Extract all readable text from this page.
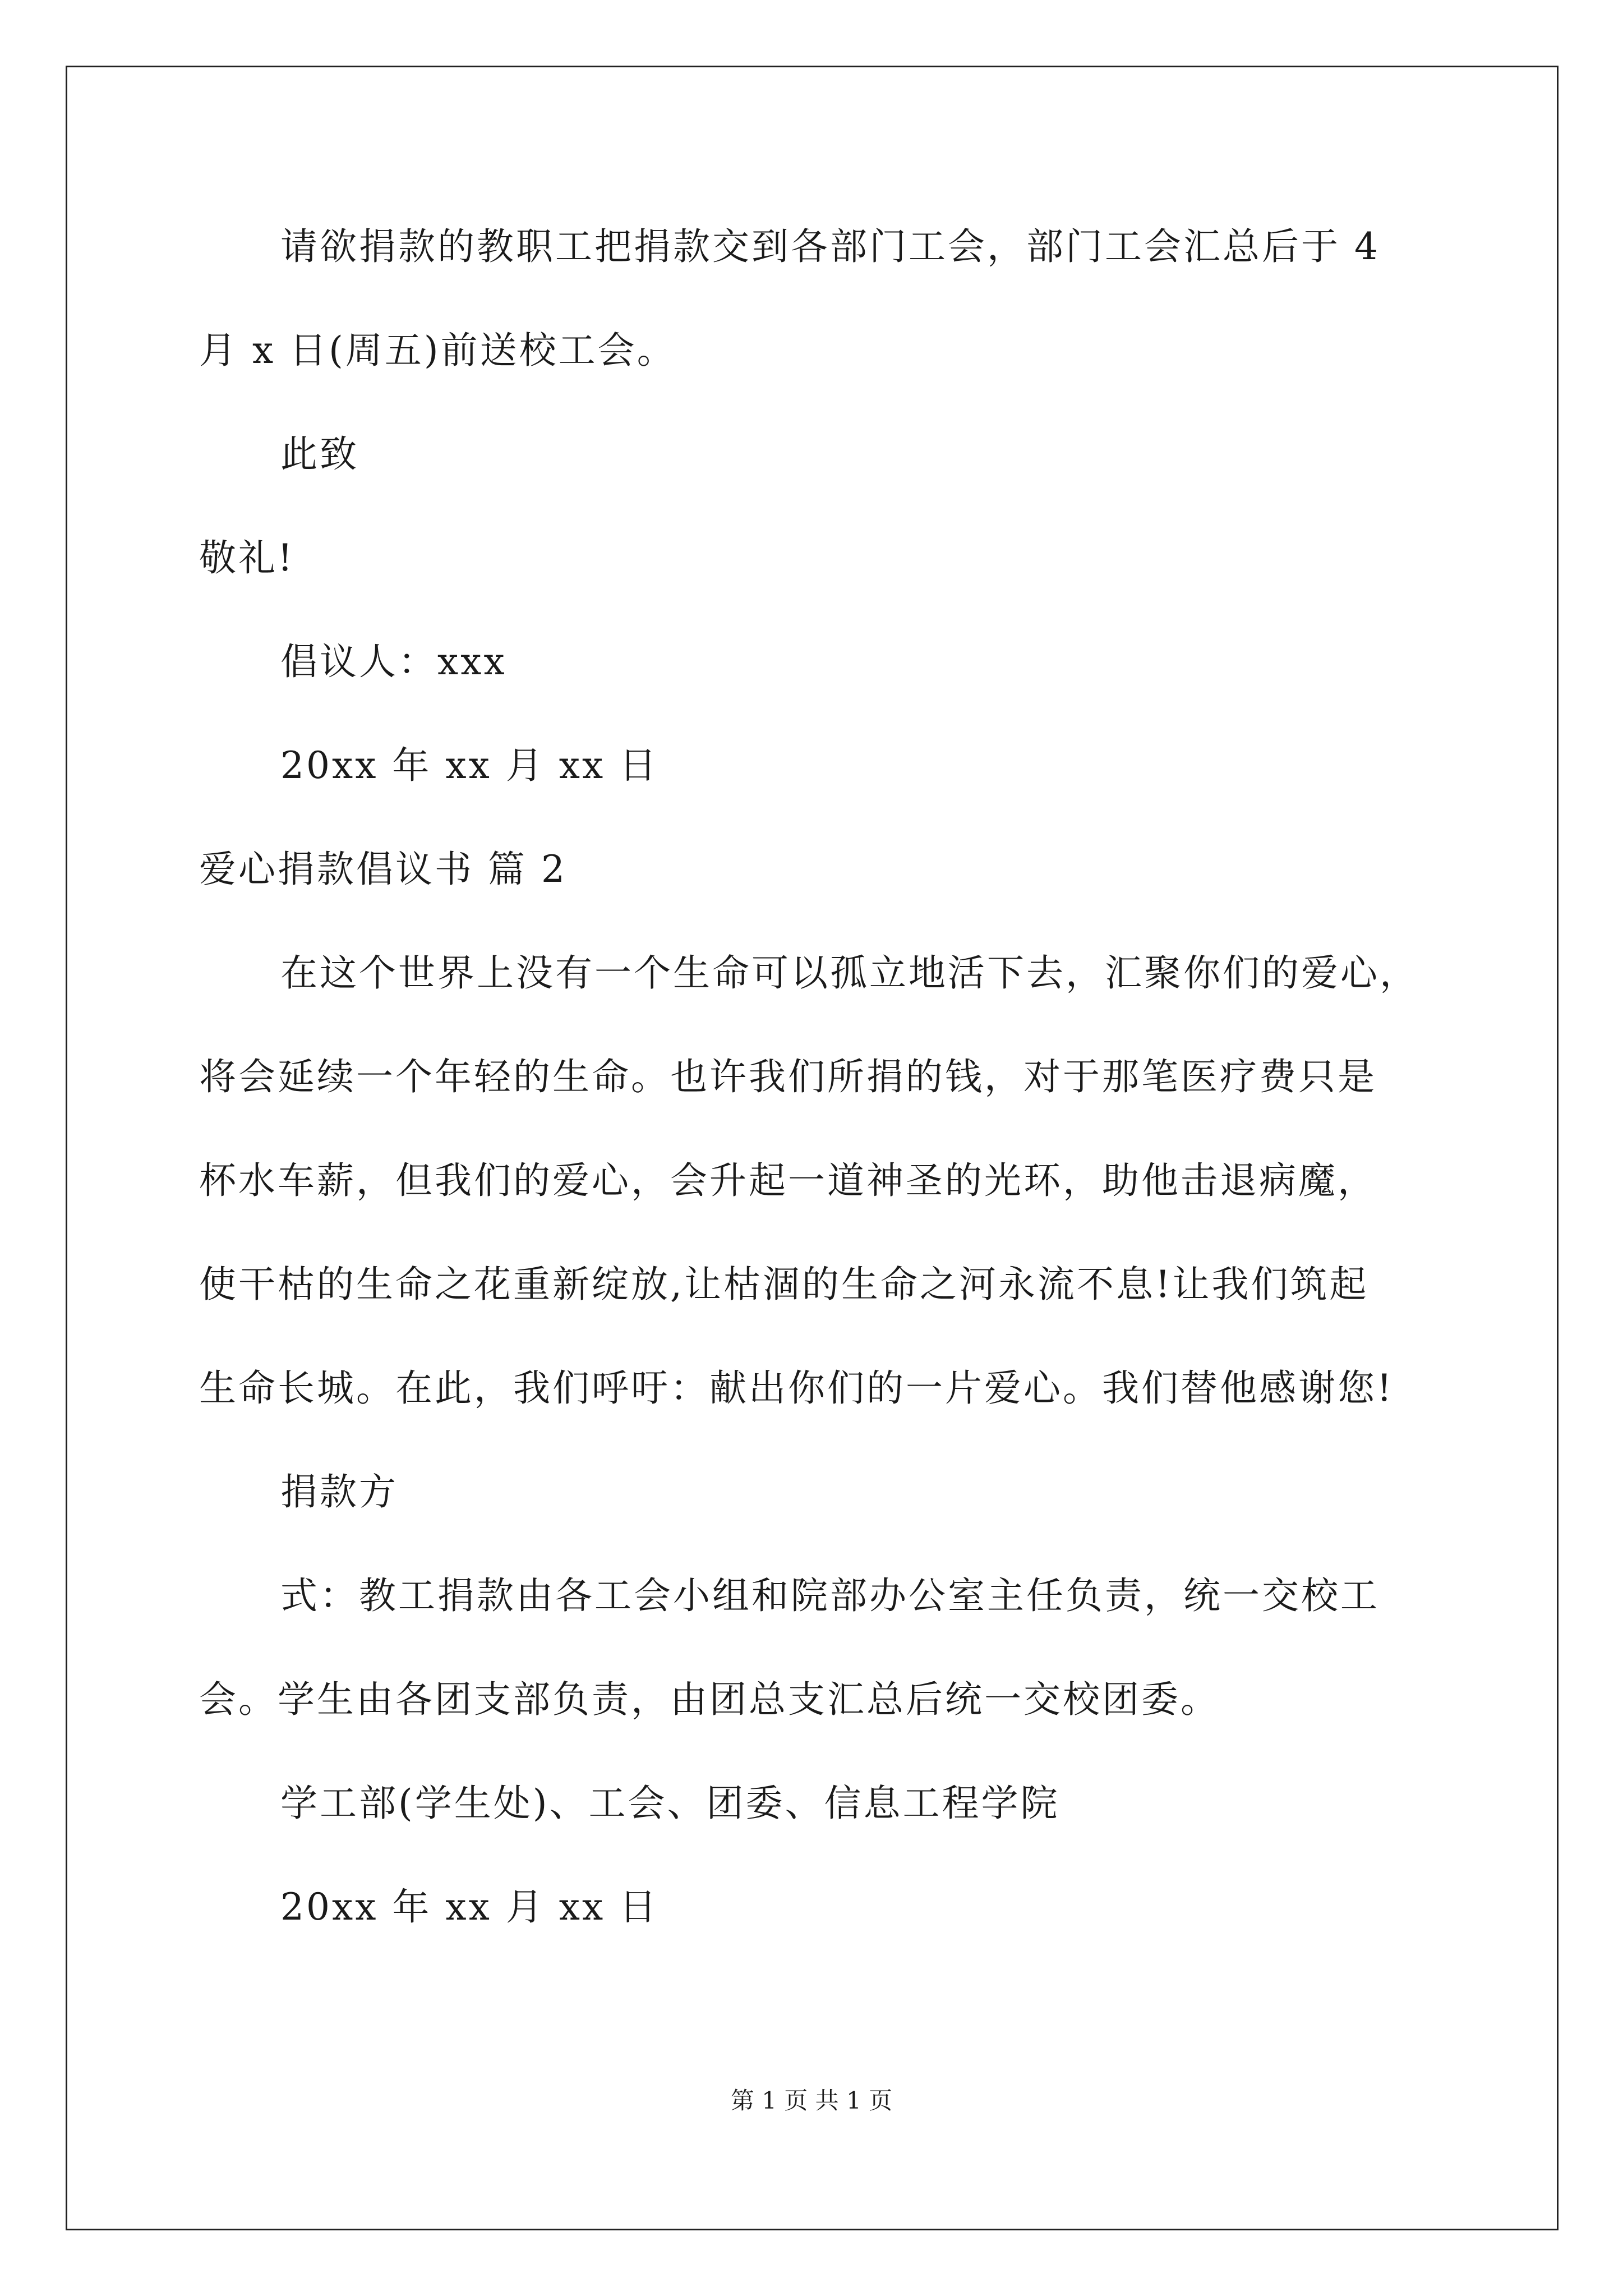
请欲捐款的教职工把捐款交到各部门工会，部门工会汇总后于 4
月 x 日(周五)前送校工会。
此致
敬礼!
倡议人：xxx
20xx 年 xx 月 xx 日
爱心捐款倡议书 篇 2
在这个世界上没有一个生命可以孤立地活下去，汇聚你们的爱心，
将会延续一个年轻的生命。也许我们所捐的钱，对于那笔医疗费只是
杯水车薪，但我们的爱心，会升起一道神圣的光环，助他击退病魔，
使干枯的生命之花重新绽放,让枯涸的生命之河永流不息!让我们筑起
生命长城。在此，我们呼吁：献出你们的一片爱心。我们替他感谢您!
捐款方
式：教工捐款由各工会小组和院部办公室主任负责，统一交校工
会。学生由各团支部负责，由团总支汇总后统一交校团委。
学工部(学生处)、工会、团委、信息工程学院
20xx 年 xx 月 xx 日
第 1 页 共 1 页
